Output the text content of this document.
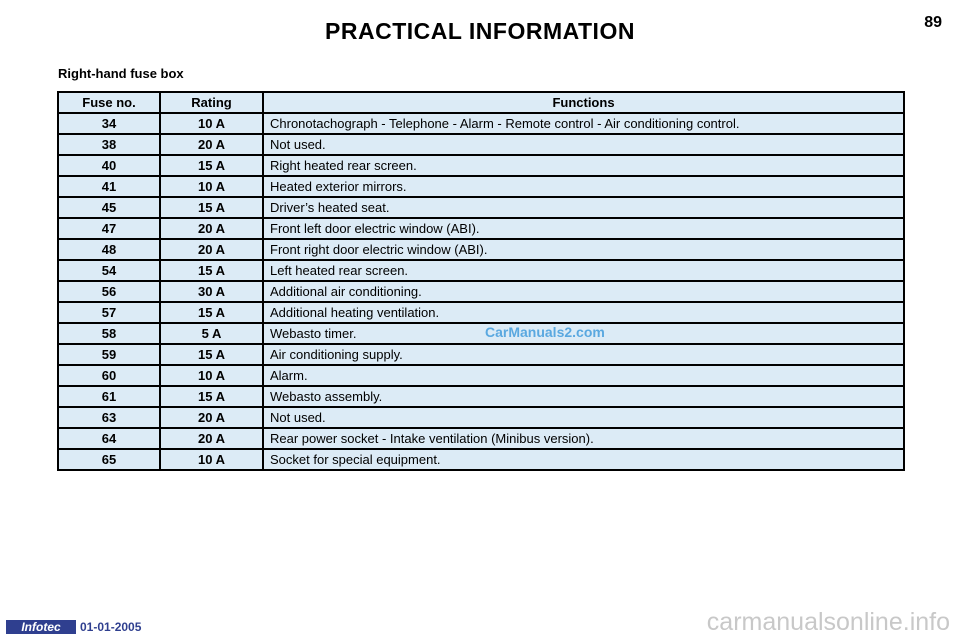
PRACTICAL INFORMATION	89
Right-hand fuse box
Fuse no.	Rating	Functions
34	10 A	Chronotachograph - Telephone - Alarm - Remote control - Air conditioning control.
38	20 A	Not used.
40	15 A	Right heated rear screen.
41	10 A	Heated exterior mirrors.
45	15 A	Driver’s heated seat.
47	20 A	Front left door electric window (ABI).
48	20 A	Front right door electric window (ABI).
54	15 A	Left heated rear screen.
56	30 A	Additional air conditioning.
57	15 A	Additional heating ventilation.
58	5 A	Webasto timer.
59	15 A	Air conditioning supply.
60	10 A	Alarm.
61	15 A	Webasto assembly.
63	20 A	Not used.
64	20 A	Rear power socket - Intake ventilation (Minibus version).
65	10 A	Socket for special equipment.
CarManuals2.com
Infotec	01-01-2005	carmanualsonline.info
